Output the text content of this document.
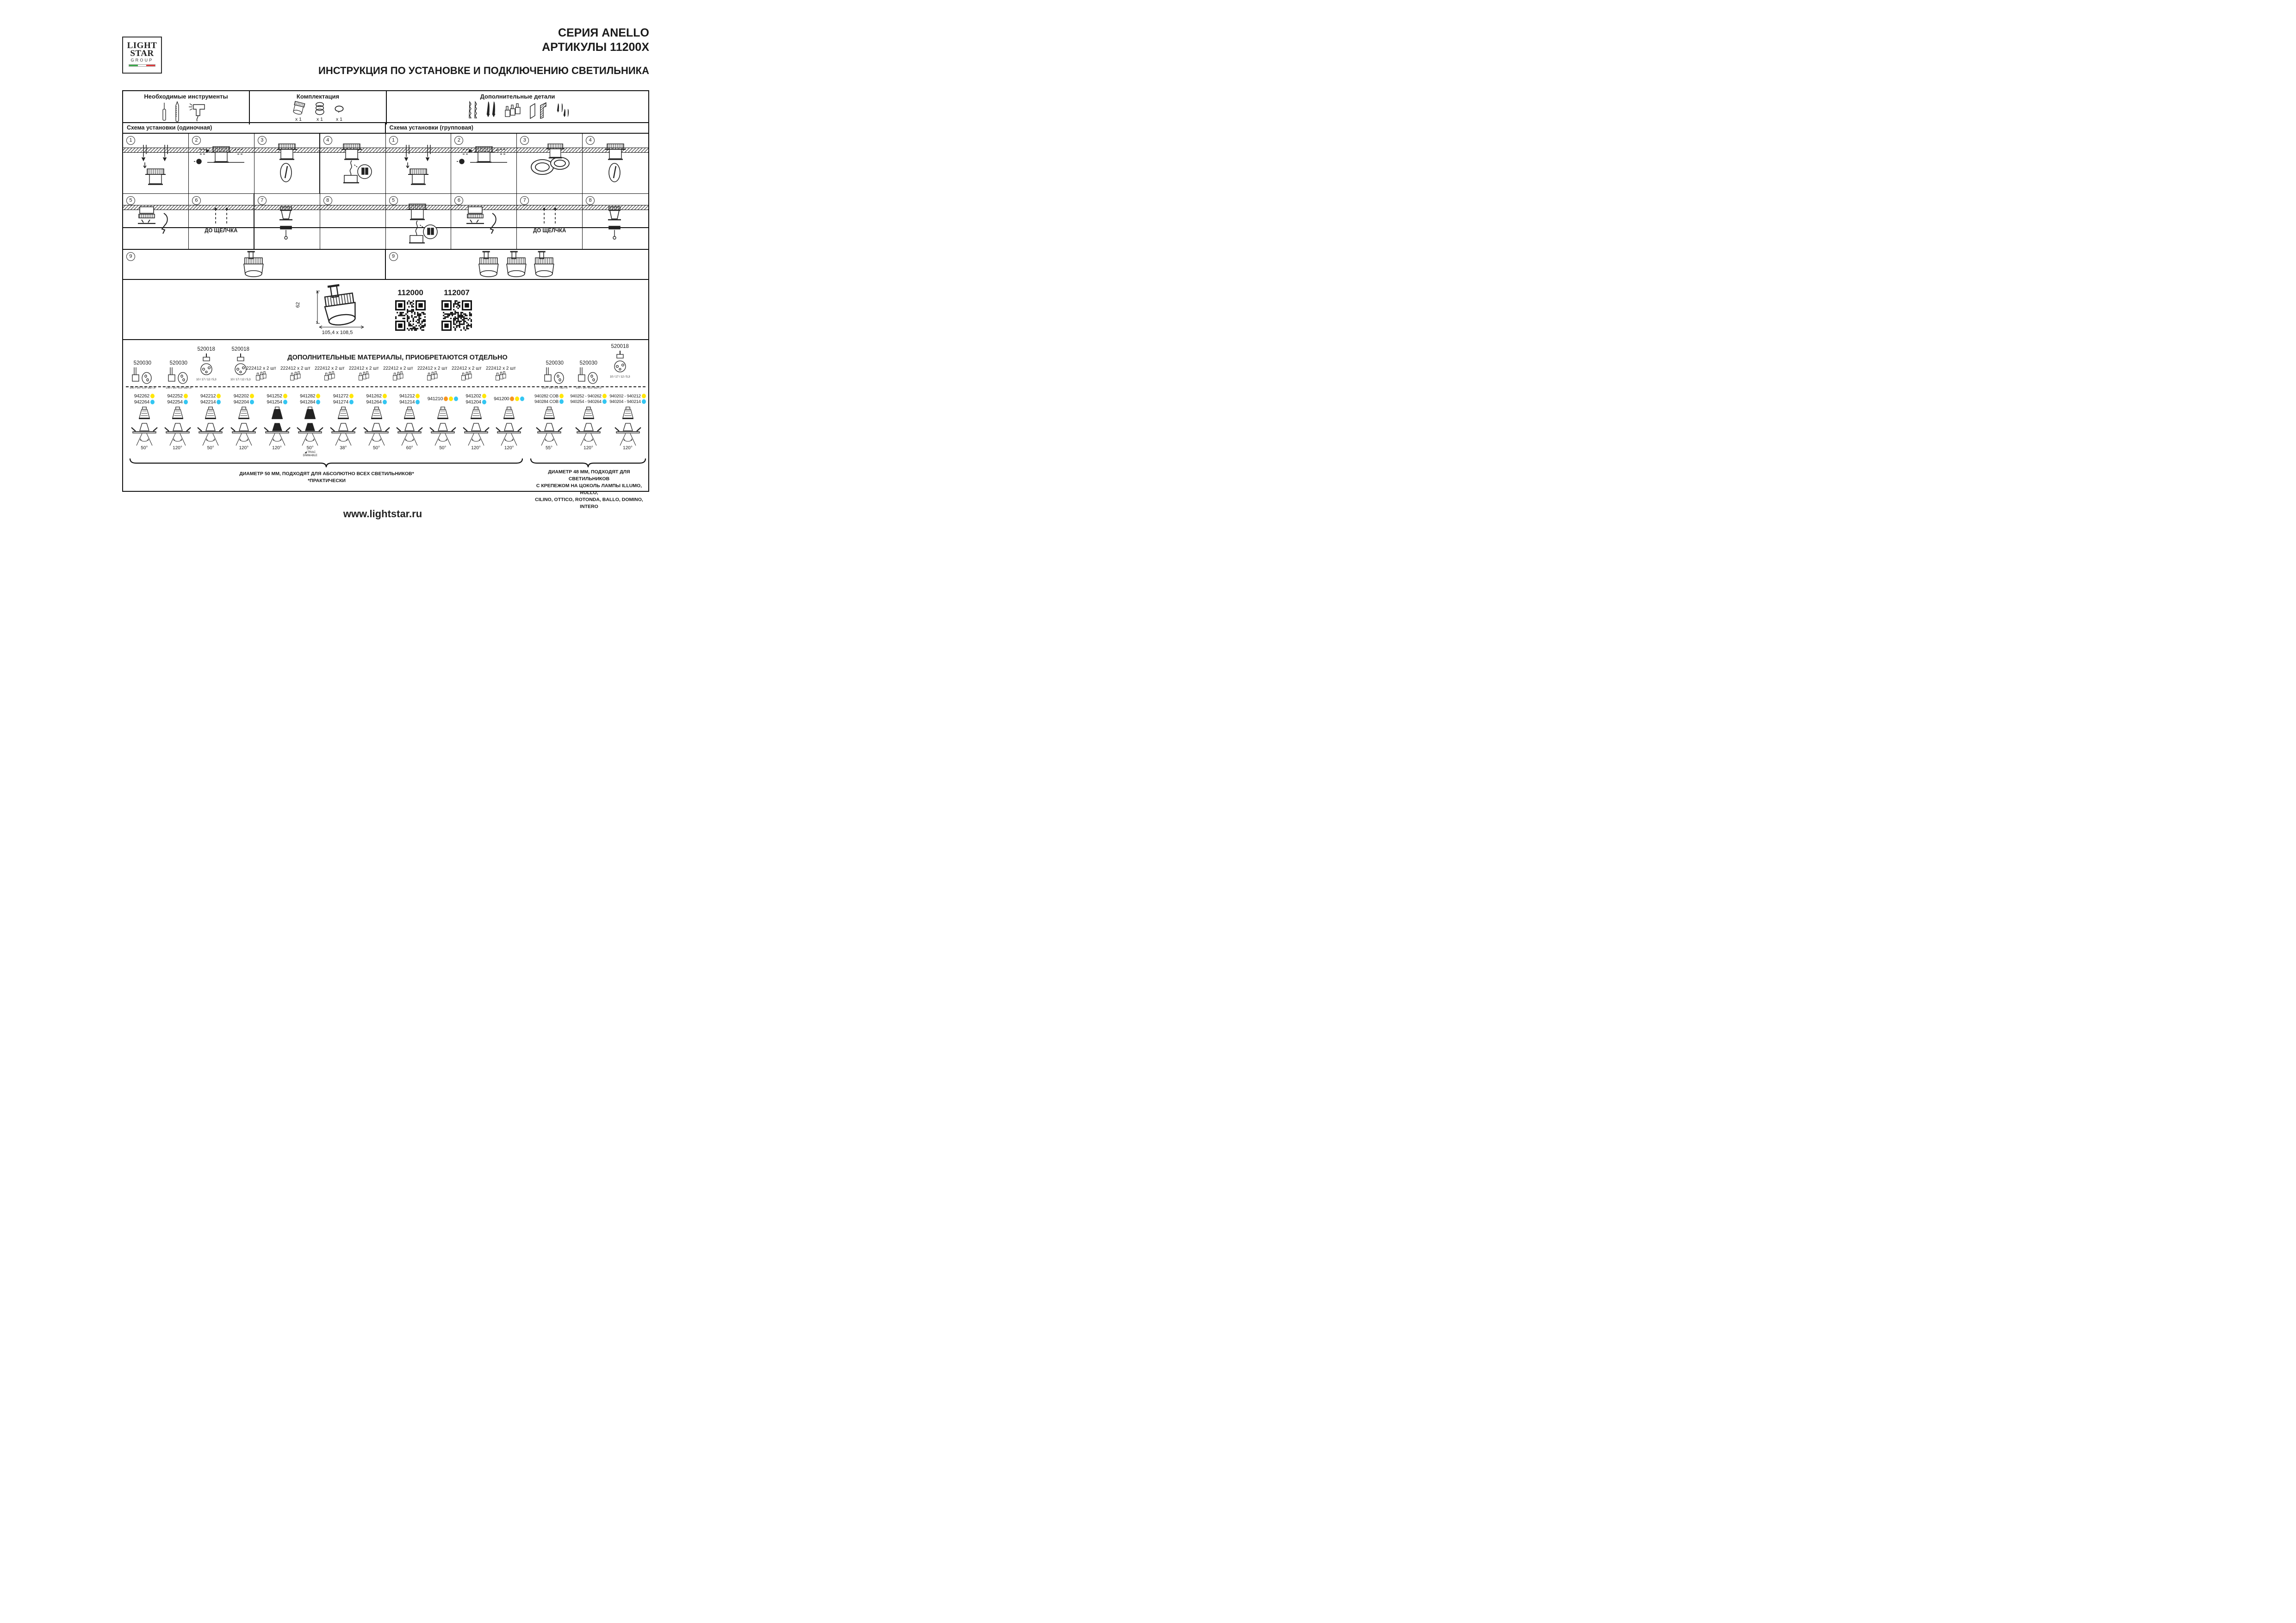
LIGHT
STAR
GROUP
СЕРИЯ ANELLO
АРТИКУЛЫ 11200X
ИНСТРУКЦИЯ ПО УСТАНОВКЕ И ПОДКЛЮЧЕНИЮ СВЕТИЛЬНИКА
Необходимые инструменты	Комплектация
х 1	х 1	х 1
Дополнительные детали
Схема установки (одиночная)	Схема установки (групповая)
1	2	3	4	1	2	3	4
5	6
ДО ЩЕЛЧКА
7	8	5	6	7
ДО ЩЕЛЧКА
8
9	9
62
105,4 x 108,5
112000	112007
ДОПОЛНИТЕЛЬНЫЕ МАТЕРИАЛЫ, ПРИОБРЕТАЮТСЯ ОТДЕЛЬНО
520030
150 / 16 / 5,5 / ø27,5
520030
150 / 16 / 5,5 / ø27,5
520018
10 / 17 / 12 / 5,3
520018
10 / 17 / 12 / 5,3
520030
150 / 16 / 5,5 / ø27,5
520030
150 / 16 / 5,5 / ø27,5
520018
10 / 17 / 12 / 5,3
222412 х 2 шт 222412 х 2 шт 222412 х 2 шт 222412 х 2 шт 222412 х 2 шт 222412 х 2 шт 222412 х 2 шт 222412 х 2 шт
942262
942264
50°
942252
942254
120°
942212
942214
50°
942202
942204
120°
941252
941254
120°
941282
941284
50°
◢ TRIAC
DIMMABLE
941272
941274
38°
941262
941264
50°
941212
941214
60°
941210
50°
941202
941204
120°
941200
120°
940282 COB
940284 COB
55°
940252 - 940262
940254 - 940264
120°
940202 - 940212
940204 - 940214
120°
ДИАМЕТР 50 ММ, ПОДХОДЯТ ДЛЯ АБСОЛЮТНО ВСЕХ СВЕТИЛЬНИКОВ*
*ПРАКТИЧЕСКИ
ДИАМЕТР 48 ММ, ПОДХОДЯТ ДЛЯ СВЕТИЛЬНИКОВ
С КРЕПЕЖОМ НА ЦОКОЛЬ ЛАМПЫ ILLUMO, RULLO,
CILINO, OTTICO, ROTONDA, BALLO, DOMINO, INTERO
www.lightstar.ru
